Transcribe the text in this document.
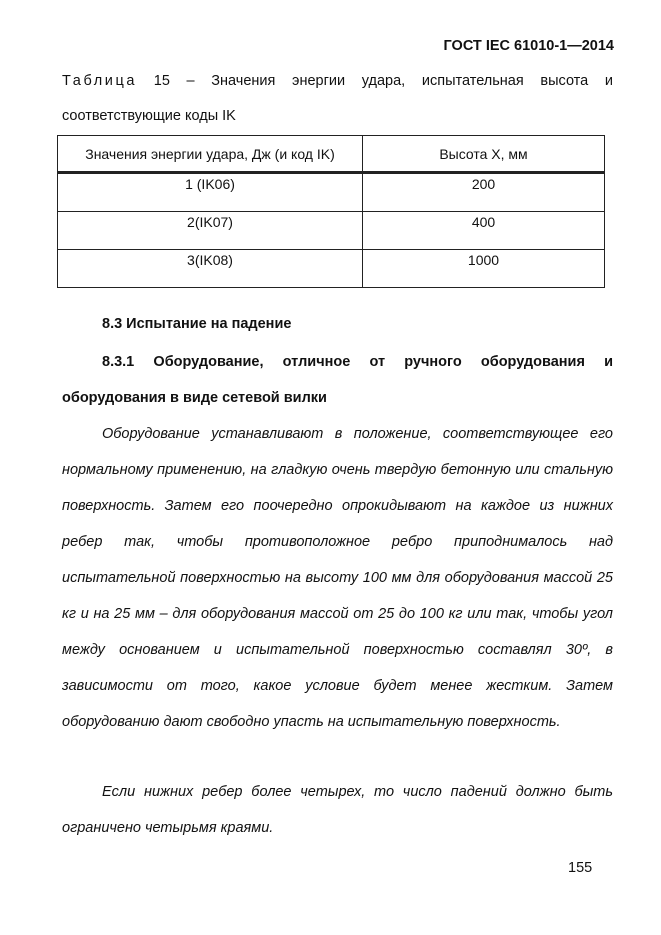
ГОСТ IEC 61010-1—2014
Таблица 15 – Значения энергии удара, испытательная высота и соответствующие коды IK
Значения энергии удара, Дж (и код IK)	Высота X, мм
1 (IK06)	200
2(IK07)	400
3(IK08)	1000
8.3 Испытание на падение
8.3.1 Оборудование, отличное от ручного оборудования и оборудования в виде сетевой вилки
Оборудование устанавливают в положение, соответствующее его нормальному применению, на гладкую очень твердую бетонную или стальную поверхность. Затем его поочередно опрокидывают на каждое из нижних ребер так, чтобы противоположное ребро приподнималось над испытательной поверхностью на высоту 100 мм для оборудования массой 25 кг и на 25 мм – для оборудования массой от 25 до 100 кг или так, чтобы угол между основанием и испытательной поверхностью составлял 30º, в зависимости от того, какое условие будет менее жестким. Затем оборудованию дают свободно упасть на испытательную поверхность.
Если нижних ребер более четырех, то число падений должно быть ограничено четырьмя краями.
155
